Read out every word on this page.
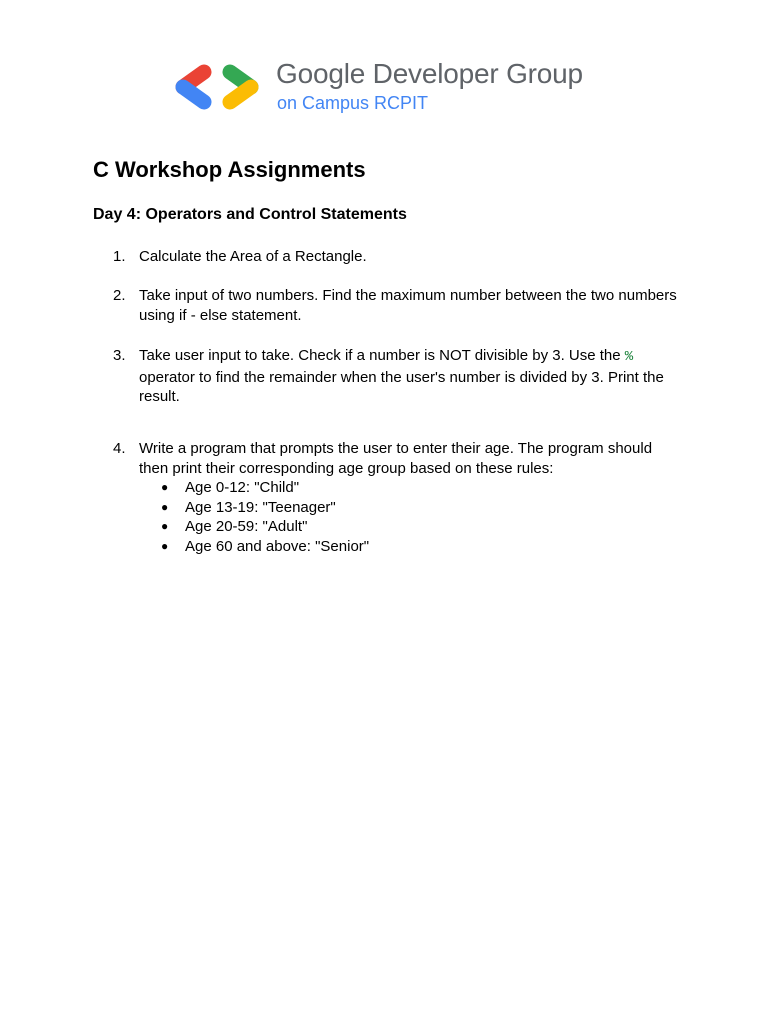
Google Developer Group
on Campus RCPIT
C Workshop Assignments
Day 4: Operators and Control Statements
1. Calculate the Area of a Rectangle.
2. Take input of two numbers. Find the maximum number between the two numbers using if - else statement.
3. Take user input to take. Check if a number is NOT divisible by 3. Use the % operator to find the remainder when the user's number is divided by 3. Print the result.
4. Write a program that prompts the user to enter their age. The program should then print their corresponding age group based on these rules:
● Age 0-12: "Child"
● Age 13-19: "Teenager"
● Age 20-59: "Adult"
● Age 60 and above: "Senior"
